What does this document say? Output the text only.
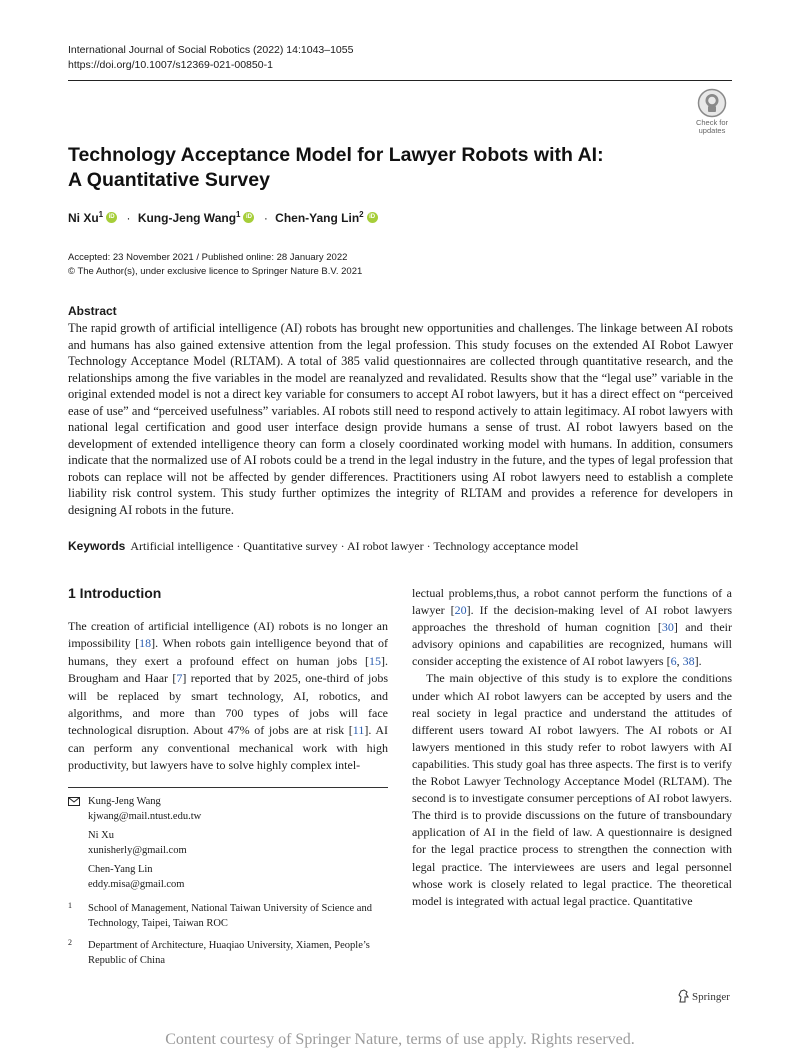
International Journal of Social Robotics (2022) 14:1043–1055
https://doi.org/10.1007/s12369-021-00850-1
Check for
updates
Technology Acceptance Model for Lawyer Robots with AI:
A Quantitative Survey
Ni $Xu^1iD$ · Kung-Jeng Wang$^1$iD · Chen-Yang Lin$^2$iD
Accepted: 23 November 2021 / Published online: 28 January 2022
© The Author(s), under exclusive licence to Springer Nature B.V. 2021
Abstract

The rapid growth of artificial intelligence (AI) robots has brought new opportunities and challenges. The linkage between AI robots and humans has also gained extensive attention from the legal profession. This study focuses on the extended AI Robot Lawyer Technology Acceptance Model (RLTAM). A total of 385 valid questionnaires are collected through quantitative research, and the relationships among the five variables in the model are reanalyzed and revalidated. Results show that the “legal use” variable in the original extended model is not a direct key variable for consumers to accept AI robot lawyers, but it has a direct effect on “perceived ease of use” and “perceived usefulness” variables. AI robots still need to respond actively to attain legitimacy. AI robot lawyers with national legal certification and good user interface design provide humans a sense of trust. AI robot lawyers based on the development of extended intelligence theory can form a closely coordinated working model with humans. In addition, consumers indicate that the normalized use of AI robots could be a trend in the legal industry in the future, and the types of legal profession that robots can replace will not be affected by gender differences. Practitioners using AI robot lawyers need to establish a complete liability risk control system. This study further optimizes the integrity of RLTAM and provides a reference for developers in designing AI robots in the future.

Keywords Artificial intelligence · Quantitative survey · AI robot lawyer · Technology acceptance model
1 Introduction

The creation of artificial intelligence (AI) robots is no longer an impossibility [18]. When robots gain intelligence beyond that of humans, they exert a profound effect on human jobs [15]. Brougham and Haar [7] reported that by 2025, one-third of jobs will be replaced by smart technology, AI, robotics, and algorithms, and more than 700 types of jobs will face technological disruption. About 47% of jobs are at risk [11]. AI can perform any conventional mechanical work with high productivity, but lawyers have to solve highly complex intel-

lectual problems,thus, a robot cannot perform the functions of a lawyer [20]. If the decision-making level of AI robot lawyers approaches the threshold of human cognition [30] and their advisory opinions and capabilities are recognized, humans will consider accepting the existence of AI robot lawyers [6, 38].

The main objective of this study is to explore the conditions under which AI robot lawyers can be accepted by users and the real society in legal practice and understand the attitudes of different users toward AI robot lawyers. The AI robots or AI lawyers mentioned in this study refer to robot lawyers with AI capabilities. This study goal has three aspects. The first is to verify the Robot Lawyer Technology Acceptance Model (RLTAM). The second is to investigate consumer perceptions of AI robot lawyers. The third is to provide discussions on the future of transboundary application of AI in the field of law. A questionnaire is designed for the legal practice process to strengthen the connection with legal practice. The interviewees are users and legal personnel whose work is closely related to legal practice. The theoretical model is integrated with actual legal practice. Quantitative

Kung-Jeng Wang
kjwang@mail.ntust.edu.tw
Ni Xu
xunisherly@gmail.com
Chen-Yang Lin
eddy.misa@gmail.com
1 School of Management, National Taiwan University of Science and Technology, Taipei, Taiwan ROC
2 Department of Architecture, Huaqiao University, Xiamen, People’s Republic of China
Springer
Content courtesy of Springer Nature, terms of use apply. Rights reserved.
